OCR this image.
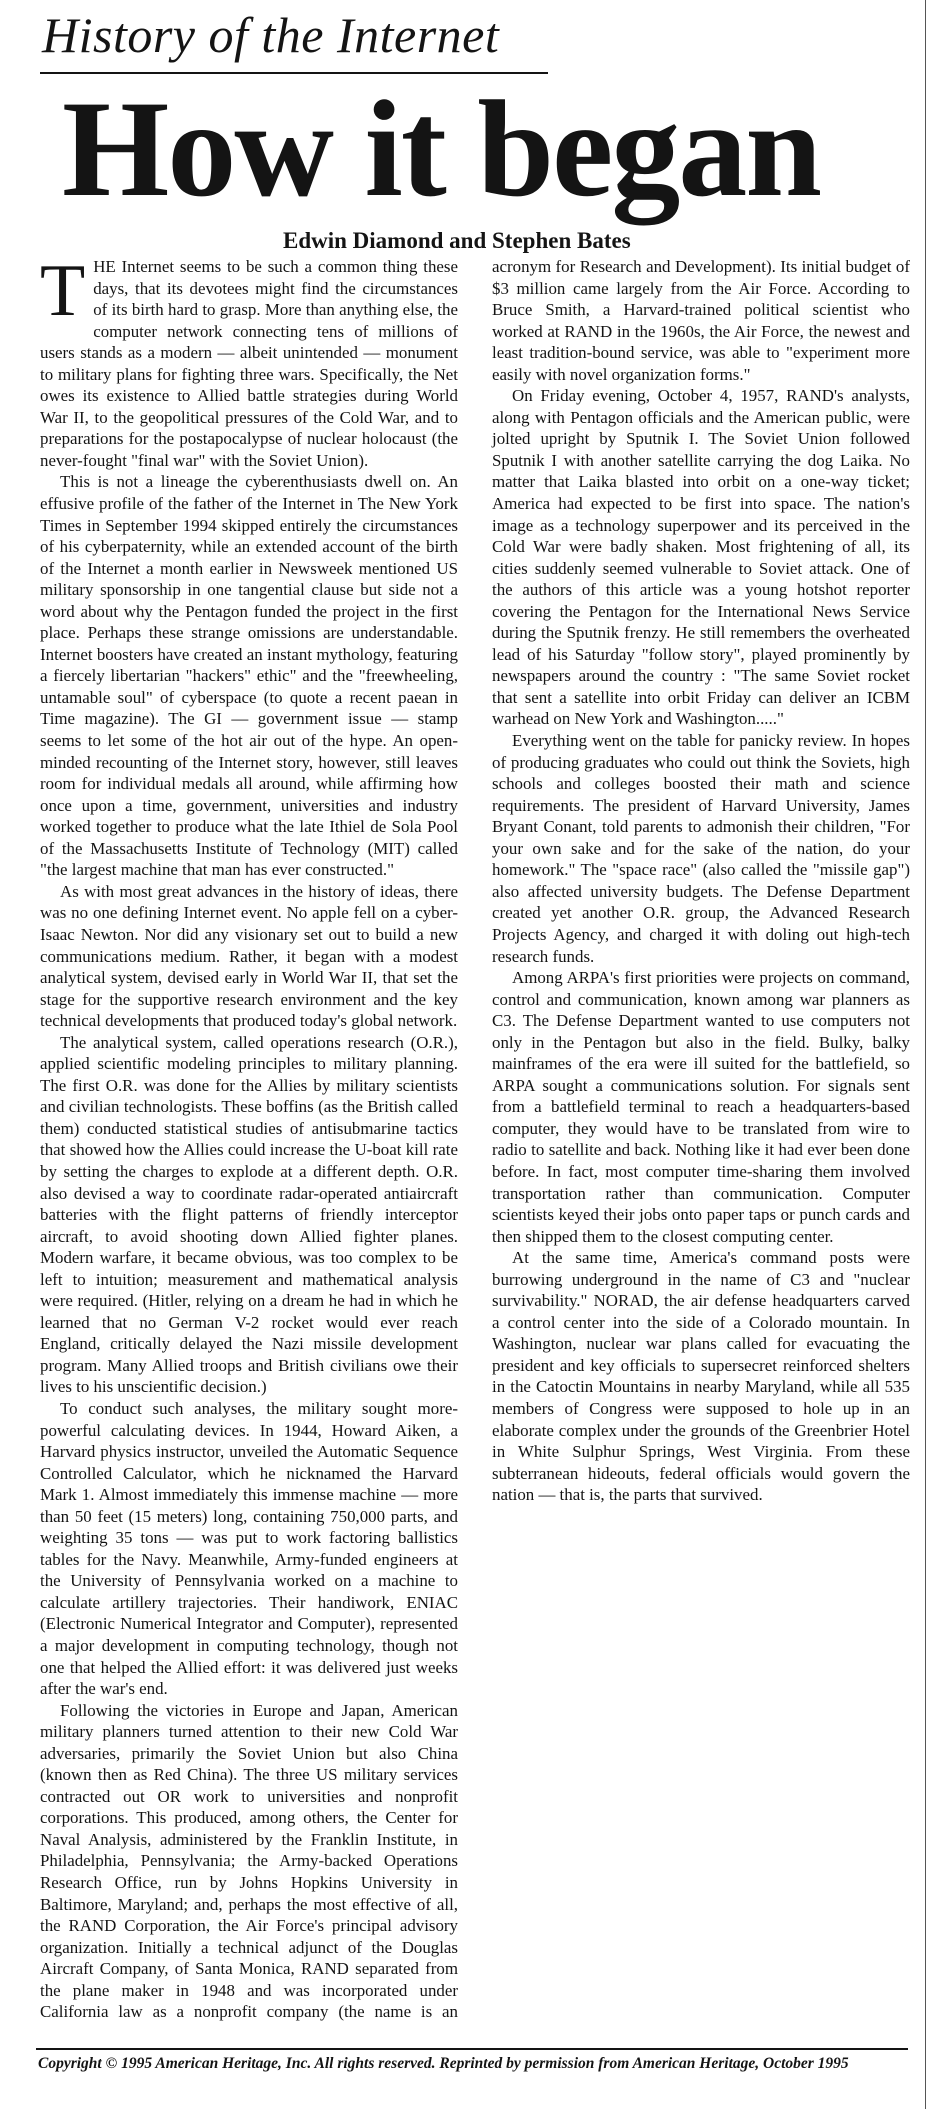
History of the Internet
How it began
Edwin Diamond and Stephen Bates

THE Internet seems to be such a common thing these days, that its devotees might find the circumstances of its birth hard to grasp. More than anything else, the computer network connecting tens of millions of users stands as a modern — albeit unintended — monument to military plans for fighting three wars. Specifically, the Net owes its existence to Allied battle strategies during World War II, to the geopolitical pressures of the Cold War, and to preparations for the postapocalypse of nuclear holocaust (the never-fought "final war" with the Soviet Union).

This is not a lineage the cyberenthusiasts dwell on. An effusive profile of the father of the Internet in The New York Times in September 1994 skipped entirely the circumstances of his cyberpaternity, while an extended account of the birth of the Internet a month earlier in Newsweek mentioned US military sponsorship in one tangential clause but side not a word about why the Pentagon funded the project in the first place. Perhaps these strange omissions are understandable. Internet boosters have created an instant mythology, featuring a fiercely libertarian "hackers" ethic" and the "freewheeling, untamable soul" of cyberspace (to quote a recent paean in Time magazine). The GI — government issue — stamp seems to let some of the hot air out of the hype. An open-minded recounting of the Internet story, however, still leaves room for individual medals all around, while affirming how once upon a time, government, universities and industry worked together to produce what the late Ithiel de Sola Pool of the Massachusetts Institute of Technology (MIT) called "the largest machine that man has ever constructed."

As with most great advances in the history of ideas, there was no one defining Internet event. No apple fell on a cyber-Isaac Newton. Nor did any visionary set out to build a new communications medium. Rather, it began with a modest analytical system, devised early in World War II, that set the stage for the supportive research environment and the key technical developments that produced today's global network.

The analytical system, called operations research (O.R.), applied scientific modeling principles to military planning. The first O.R. was done for the Allies by military scientists and civilian technologists. These boffins (as the British called them) conducted statistical studies of antisubmarine tactics that showed how the Allies could increase the U-boat kill rate by setting the charges to explode at a different depth. O.R. also devised a way to coordinate radar-operated antiaircraft batteries with the flight patterns of friendly interceptor aircraft, to avoid shooting down Allied fighter planes. Modern warfare, it became obvious, was too complex to be left to intuition; measurement and mathematical analysis were required. (Hitler, relying on a dream he had in which he learned that no German V-2 rocket would ever reach England, critically delayed the Nazi missile development program. Many Allied troops and British civilians owe their lives to his unscientific decision.)

To conduct such analyses, the military sought more-powerful calculating devices. In 1944, Howard Aiken, a Harvard physics instructor, unveiled the Automatic Sequence Controlled Calculator, which he nicknamed the Harvard Mark 1. Almost immediately this immense machine — more than 50 feet (15 meters) long, containing 750,000 parts, and weighting 35 tons — was put to work factoring ballistics tables for the Navy. Meanwhile, Army-funded engineers at the University of Pennsylvania worked on a machine to calculate artillery trajectories. Their handiwork, ENIAC (Electronic Numerical Integrator and Computer), represented a major development in computing technology, though not one that helped the Allied effort: it was delivered just weeks after the war's end.

Following the victories in Europe and Japan, American military planners turned attention to their new Cold War adversaries, primarily the Soviet Union but also China (known then as Red China). The three US military services contracted out OR work to universities and nonprofit corporations. This produced, among others, the Center for Naval Analysis, administered by the Franklin Institute, in Philadelphia, Pennsylvania; the Army-backed Operations Research Office, run by Johns Hopkins University in Baltimore, Maryland; and, perhaps the most effective of all, the RAND Corporation, the Air Force's principal advisory organization. Initially a technical adjunct of the Douglas Aircraft Company, of Santa Monica, RAND separated from the plane maker in 1948 and was incorporated under California law as a nonprofit company (the name is an acronym for Research and Development). Its initial budget of $3 million came largely from the Air Force. According to Bruce Smith, a Harvard-trained political scientist who worked at RAND in the 1960s, the Air Force, the newest and least tradition-bound service, was able to "experiment more easily with novel organization forms."

On Friday evening, October 4, 1957, RAND's analysts, along with Pentagon officials and the American public, were jolted upright by Sputnik I. The Soviet Union followed Sputnik I with another satellite carrying the dog Laika. No matter that Laika blasted into orbit on a one-way ticket; America had expected to be first into space. The nation's image as a technology superpower and its perceived in the Cold War were badly shaken. Most frightening of all, its cities suddenly seemed vulnerable to Soviet attack. One of the authors of this article was a young hotshot reporter covering the Pentagon for the International News Service during the Sputnik frenzy. He still remembers the overheated lead of his Saturday "follow story", played prominently by newspapers around the country : "The same Soviet rocket that sent a satellite into orbit Friday can deliver an ICBM warhead on New York and Washington....."

Everything went on the table for panicky review. In hopes of producing graduates who could out think the Soviets, high schools and colleges boosted their math and science requirements. The president of Harvard University, James Bryant Conant, told parents to admonish their children, "For your own sake and for the sake of the nation, do your homework." The "space race" (also called the "missile gap") also affected university budgets. The Defense Department created yet another O.R. group, the Advanced Research Projects Agency, and charged it with doling out high-tech research funds.

Among ARPA's first priorities were projects on command, control and communication, known among war planners as C3. The Defense Department wanted to use computers not only in the Pentagon but also in the field. Bulky, balky mainframes of the era were ill suited for the battlefield, so ARPA sought a communications solution. For signals sent from a battlefield terminal to reach a headquarters-based computer, they would have to be translated from wire to radio to satellite and back. Nothing like it had ever been done before. In fact, most computer time-sharing them involved transportation rather than communication. Computer scientists keyed their jobs onto paper taps or punch cards and then shipped them to the closest computing center.

At the same time, America's command posts were burrowing underground in the name of C3 and "nuclear survivability." NORAD, the air defense headquarters carved a control center into the side of a Colorado mountain. In Washington, nuclear war plans called for evacuating the president and key officials to supersecret reinforced shelters in the Catoctin Mountains in nearby Maryland, while all 535 members of Congress were supposed to hole up in an elaborate complex under the grounds of the Greenbrier Hotel in White Sulphur Springs, West Virginia. From these subterranean hideouts, federal officials would govern the nation — that is, the parts that survived.

Copyright © 1995 American Heritage, Inc. All rights reserved. Reprinted by permission from American Heritage, October 1995
